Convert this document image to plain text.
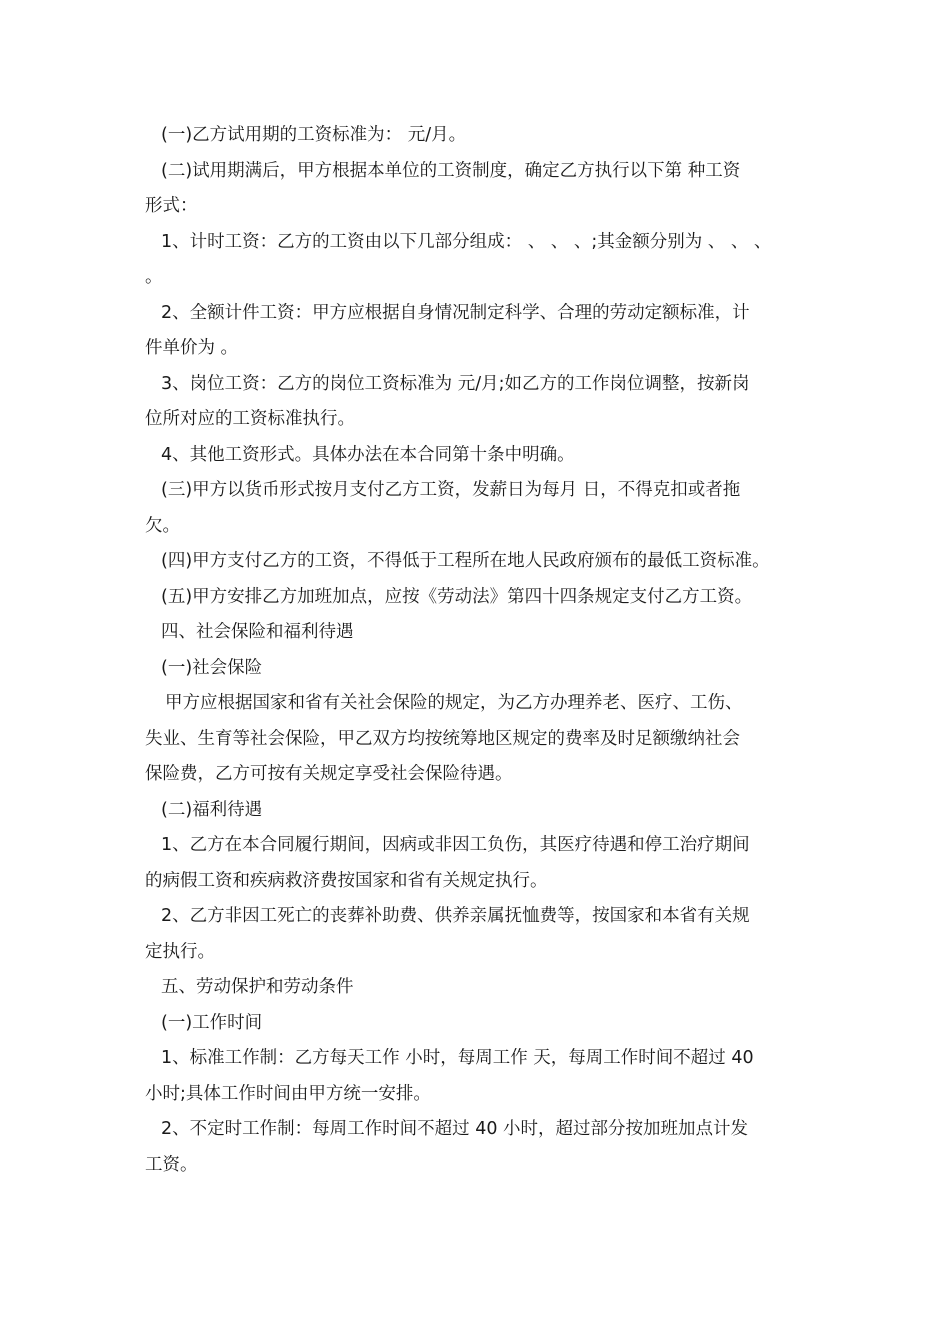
(一)乙方试用期的工资标准为： 元/月。
(二)试用期满后，甲方根据本单位的工资制度，确定乙方执行以下第 种工资
形式：
1、计时工资：乙方的工资由以下几部分组成： 、 、 、;其金额分别为 、 、 、
。
2、全额计件工资：甲方应根据自身情况制定科学、合理的劳动定额标准，计
件单价为 。
3、岗位工资：乙方的岗位工资标准为 元/月;如乙方的工作岗位调整，按新岗
位所对应的工资标准执行。
4、其他工资形式。具体办法在本合同第十条中明确。
(三)甲方以货币形式按月支付乙方工资，发薪日为每月 日，不得克扣或者拖
欠。
(四)甲方支付乙方的工资，不得低于工程所在地人民政府颁布的最低工资标准。
(五)甲方安排乙方加班加点，应按《劳动法》第四十四条规定支付乙方工资。
四、社会保险和福利待遇
(一)社会保险
甲方应根据国家和省有关社会保险的规定，为乙方办理养老、医疗、工伤、
失业、生育等社会保险，甲乙双方均按统筹地区规定的费率及时足额缴纳社会
保险费，乙方可按有关规定享受社会保险待遇。
(二)福利待遇
1、乙方在本合同履行期间，因病或非因工负伤，其医疗待遇和停工治疗期间
的病假工资和疾病救济费按国家和省有关规定执行。
2、乙方非因工死亡的丧葬补助费、供养亲属抚恤费等，按国家和本省有关规
定执行。
五、劳动保护和劳动条件
(一)工作时间
1、标准工作制：乙方每天工作 小时，每周工作 天，每周工作时间不超过 40
小时;具体工作时间由甲方统一安排。
2、不定时工作制：每周工作时间不超过 40 小时，超过部分按加班加点计发
工资。
